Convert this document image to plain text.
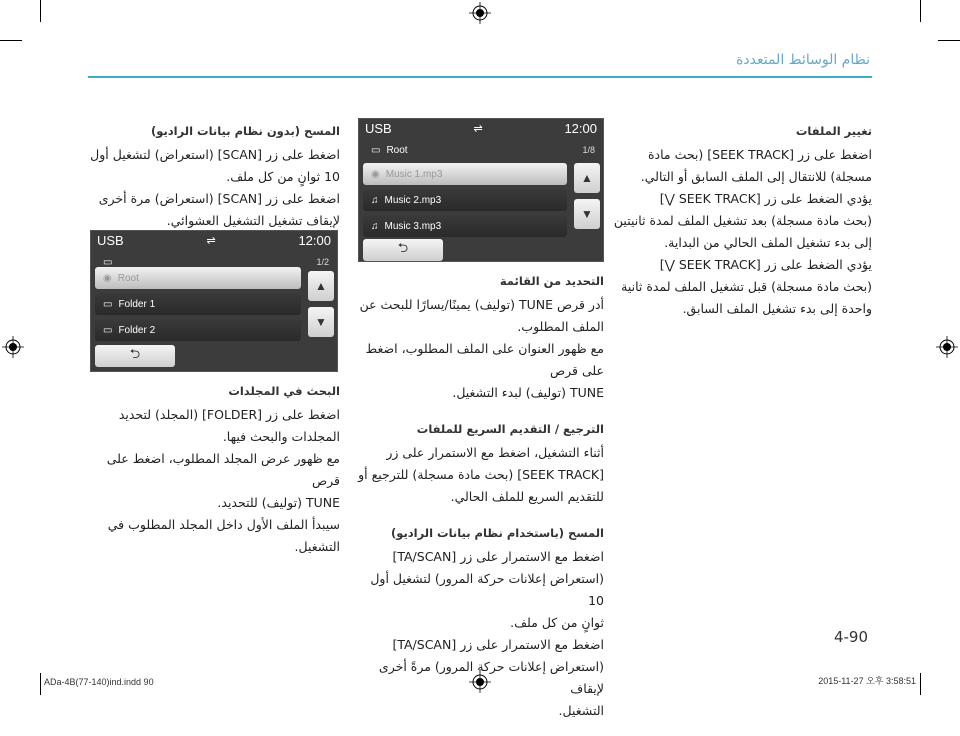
نظام الوسائط المتعددة
تغيير الملفات

اضغط على زر [SEEK TRACK] (بحث مادة

مسجلة) للانتقال إلى الملف السابق أو التالي.

يؤدي الضغط على زر [SEEK TRACK ⋁]

(بحث مادة مسجلة) بعد تشغيل الملف لمدة ثانيتين

إلى بدء تشغيل الملف الحالي من البداية.

يؤدي الضغط على زر [SEEK TRACK ⋁]

(بحث مادة مسجلة) قبل تشغيل الملف لمدة ثانية

واحدة إلى بدء تشغيل الملف السابق.

USB	⇌	12:00
▭ Root	1/8
◉ Music 1.mp3
♫ Music 2.mp3
♫ Music 3.mp3
▲
▼
⮌
التحديد من القائمة

أدر قرص TUNE (توليف) يمينًا/يسارًا للبحث عن

الملف المطلوب.

مع ظهور العنوان على الملف المطلوب، اضغط على قرص

TUNE (توليف) لبدء التشغيل.

الترجيع / التقديم السريع للملفات

أثناء التشغيل، اضغط مع الاستمرار على زر

[SEEK TRACK] (بحث مادة مسجلة) للترجيع أو

للتقديم السريع للملف الحالي.

المسح (باستخدام نظام بيانات الراديو)

اضغط مع الاستمرار على زر [TA/SCAN]

(استعراض إعلانات حركة المرور) لتشغيل أول 10

ثوانٍ من كل ملف.

اضغط مع الاستمرار على زر [TA/SCAN]

(استعراض إعلانات حركة المرور) مرةً أخرى لإيقاف

التشغيل.

المسح (بدون نظام بيانات الراديو)

اضغط على زر [SCAN] (استعراض) لتشغيل أول

10 ثوانٍ من كل ملف.

اضغط على زر [SCAN] (استعراض) مرة أخرى

لإيقاف تشغيل التشغيل العشوائي.

USB	⇌	12:00
▭	1/2
◉ Root
▭ Folder 1
▭ Folder 2
▲
▼
⮌
البحث في المجلدات

اضغط على زر [FOLDER] (المجلد) لتحديد

المجلدات والبحث فيها.

مع ظهور عرض المجلد المطلوب، اضغط على قرص

TUNE (توليف) للتحديد.

سيبدأ الملف الأول داخل المجلد المطلوب في

التشغيل.

4-90
ADa-4B(77-140)ind.indd 90	2015-11-27 오후 3:58:51
